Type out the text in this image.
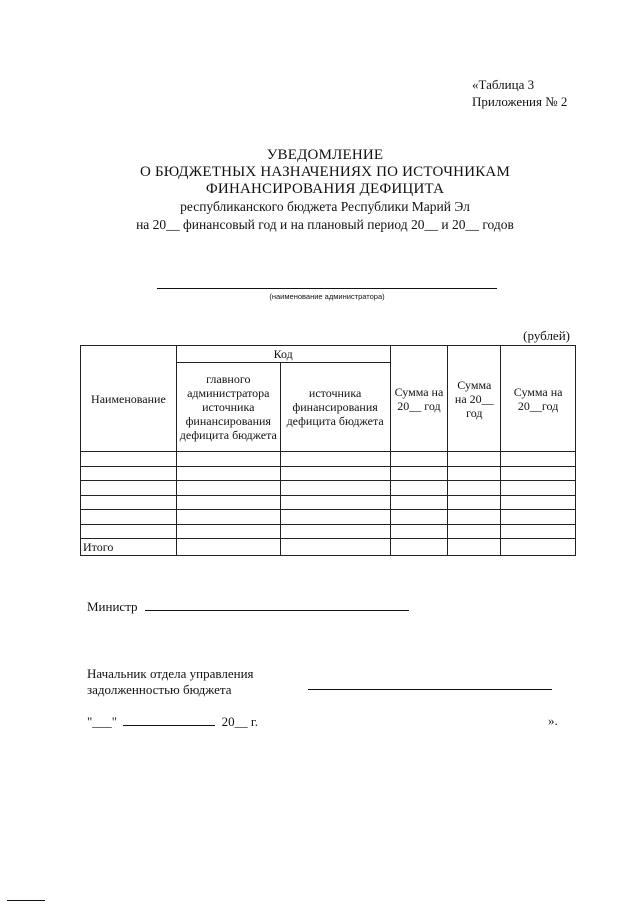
«Таблица 3
Приложения № 2
УВЕДОМЛЕНИЕ
О БЮДЖЕТНЫХ НАЗНАЧЕНИЯХ ПО ИСТОЧНИКАМ
ФИНАНСИРОВАНИЯ ДЕФИЦИТА
республиканского бюджета Республики Марий Эл
на 20__ финансовый год и на плановый период 20__ и 20__ годов
(наименование администратора)
(рублей)
Наименование	Код		Сумма на 20__ год	Сумма на 20__ год	Сумма на 20__год
	главного администратора источника финансирования дефицита бюджета	источника финансирования дефицита бюджета			

Итого					
Министр
Начальник отдела управления
задолженностью бюджета
"___"	20__ г.	».
